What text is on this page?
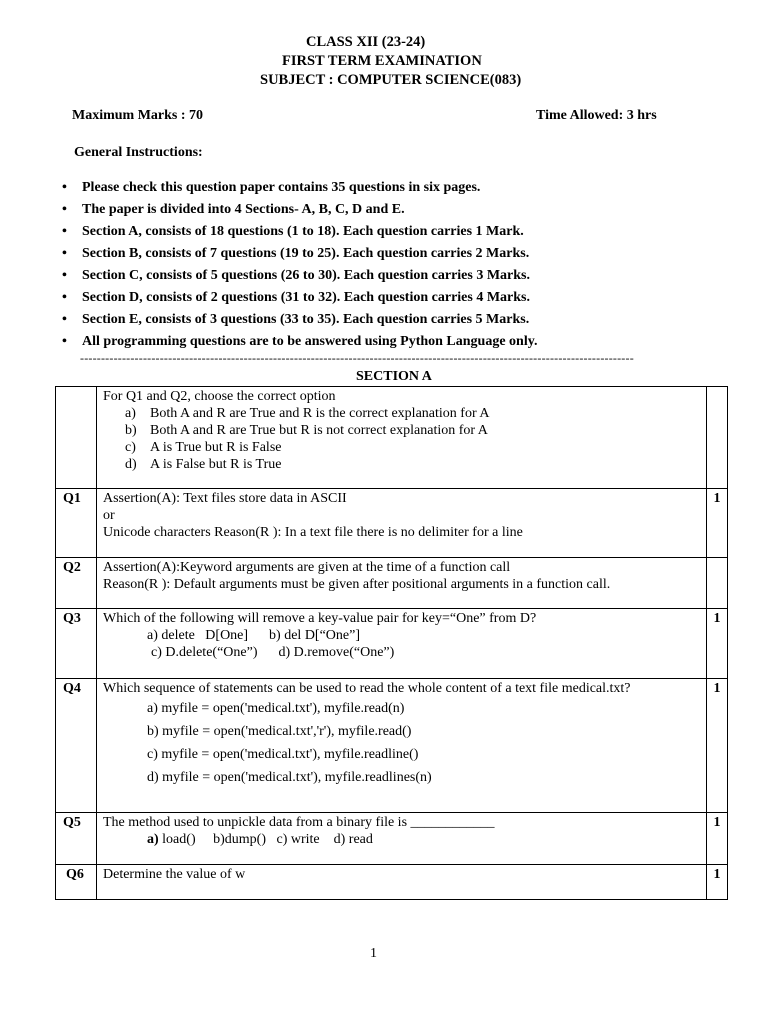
CLASS XII (23-24)
FIRST TERM EXAMINATION
SUBJECT : COMPUTER SCIENCE(083)
Maximum Marks : 70	Time Allowed: 3 hrs
General Instructions:
• Please check this question paper contains 35 questions in six pages.
• The paper is divided into 4 Sections- A, B, C, D and E.
• Section A, consists of 18 questions (1 to 18). Each question carries 1 Mark.
• Section B, consists of 7 questions (19 to 25). Each question carries 2 Marks.
• Section C, consists of 5 questions (26 to 30). Each question carries 3 Marks.
• Section D, consists of 2 questions (31 to 32). Each question carries 4 Marks.
• Section E, consists of 3 questions (33 to 35). Each question carries 5 Marks.
• All programming questions are to be answered using Python Language only.
------------------------------------------------------------------------------------------------------------------------------------
SECTION A

	For Q1 and Q2, choose the correct option
a) Both A and R are True and R is the correct explanation for A
b) Both A and R are True but R is not correct explanation for A
c) A is True but R is False
d) A is False but R is True	

Q1	Assertion(A): Text files store data in ASCII
or
Unicode characters Reason(R ): In a text file there is no delimiter for a line	1
Q2	Assertion(A):Keyword arguments are given at the time of a function call
Reason(R ): Default arguments must be given after positional arguments in a function call.	

Q3	Which of the following will remove a key-value pair for key=“One” from D?
a) delete   D[One]      b) del D[“One”]
c) D.delete(“One”)      d) D.remove(“One”)	1
Q4	Which sequence of statements can be used to read the whole content of a text file medical.txt?
a) myfile = open('medical.txt'), myfile.read(n)
b) myfile = open('medical.txt','r'), myfile.read()
c) myfile = open('medical.txt'), myfile.readline()
d) myfile = open('medical.txt'), myfile.readlines(n)	1
Q5	The method used to unpickle data from a binary file is ____________
a) load()     b)dump()   c) write    d) read	1
Q6	Determine the value of w	1
1
